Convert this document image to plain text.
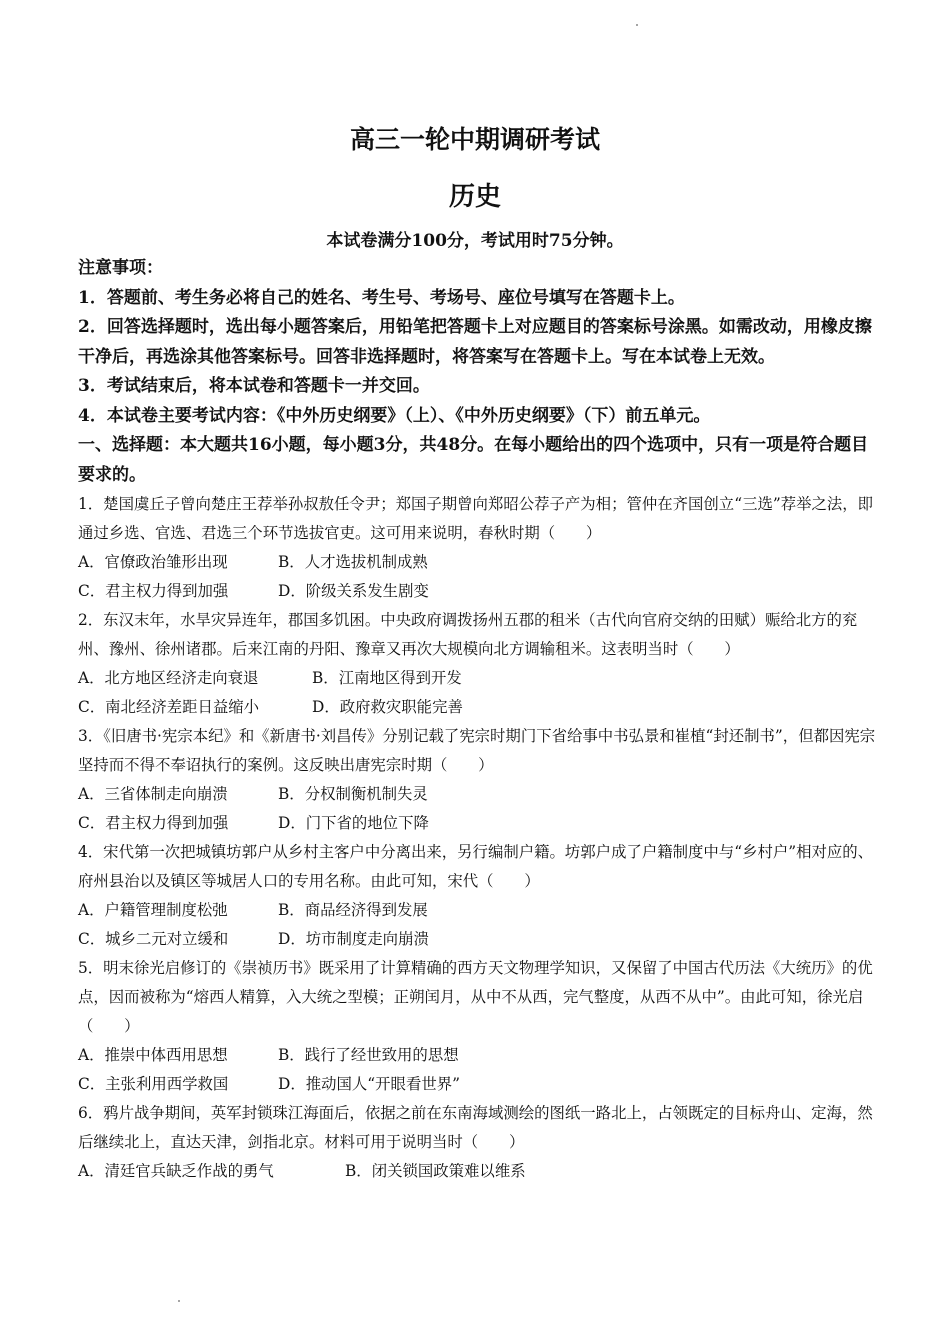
高三一轮中期调研考试
历史
本试卷满分100分，考试用时75分钟。

注意事项：

1．答题前、考生务必将自己的姓名、考生号、考场号、座位号填写在答题卡上。

2．回答选择题时，选出每小题答案后，用铅笔把答题卡上对应题目的答案标号涂黑。如需改动，用橡皮擦干净后，再选涂其他答案标号。回答非选择题时，将答案写在答题卡上。写在本试卷上无效。

3．考试结束后，将本试卷和答题卡一并交回。

4．本试卷主要考试内容：《中外历史纲要》（上）、《中外历史纲要》（下）前五单元。

一、选择题：本大题共16小题，每小题3分，共48分。在每小题给出的四个选项中，只有一项是符合题目要求的。

1．楚国虞丘子曾向楚庄王荐举孙叔敖任令尹；郑国子期曾向郑昭公荐子产为相；管仲在齐国创立“三选”荐举之法，即通过乡选、官选、君选三个环节选拔官吏。这可用来说明，春秋时期（　　）

A．官僚政治雏形出现	B．人才选拔机制成熟
C．君主权力得到加强	D．阶级关系发生剧变

2．东汉末年，水旱灾异连年，郡国多饥困。中央政府调拨扬州五郡的租米（古代向官府交纳的田赋）赈给北方的兖州、豫州、徐州诸郡。后来江南的丹阳、豫章又再次大规模向北方调输租米。这表明当时（　　）

A．北方地区经济走向衰退	B．江南地区得到开发
C．南北经济差距日益缩小	D．政府救灾职能完善

3．《旧唐书·宪宗本纪》和《新唐书·刘昌传》分别记载了宪宗时期门下省给事中书弘景和崔植“封还制书”，但都因宪宗坚持而不得不奉诏执行的案例。这反映出唐宪宗时期（　　）

A．三省体制走向崩溃	B．分权制衡机制失灵
C．君主权力得到加强	D．门下省的地位下降

4．宋代第一次把城镇坊郭户从乡村主客户中分离出来，另行编制户籍。坊郭户成了户籍制度中与“乡村户”相对应的、府州县治以及镇区等城居人口的专用名称。由此可知，宋代（　　）

A．户籍管理制度松弛	B．商品经济得到发展
C．城乡二元对立缓和	D．坊市制度走向崩溃

5．明末徐光启修订的《崇祯历书》既采用了计算精确的西方天文物理学知识，又保留了中国古代历法《大统历》的优点，因而被称为“熔西人精算，入大统之型模；正朔闰月，从中不从西，完气整度，从西不从中”。由此可知，徐光启（　　）

A．推崇中体西用思想	B．践行了经世致用的思想
C．主张利用西学救国	D．推动国人“开眼看世界”

6．鸦片战争期间，英军封锁珠江海面后，依据之前在东南海域测绘的图纸一路北上，占领既定的目标舟山、定海，然后继续北上，直达天津，剑指北京。材料可用于说明当时（　　）

A．清廷官兵缺乏作战的勇气	B．闭关锁国政策难以维系
